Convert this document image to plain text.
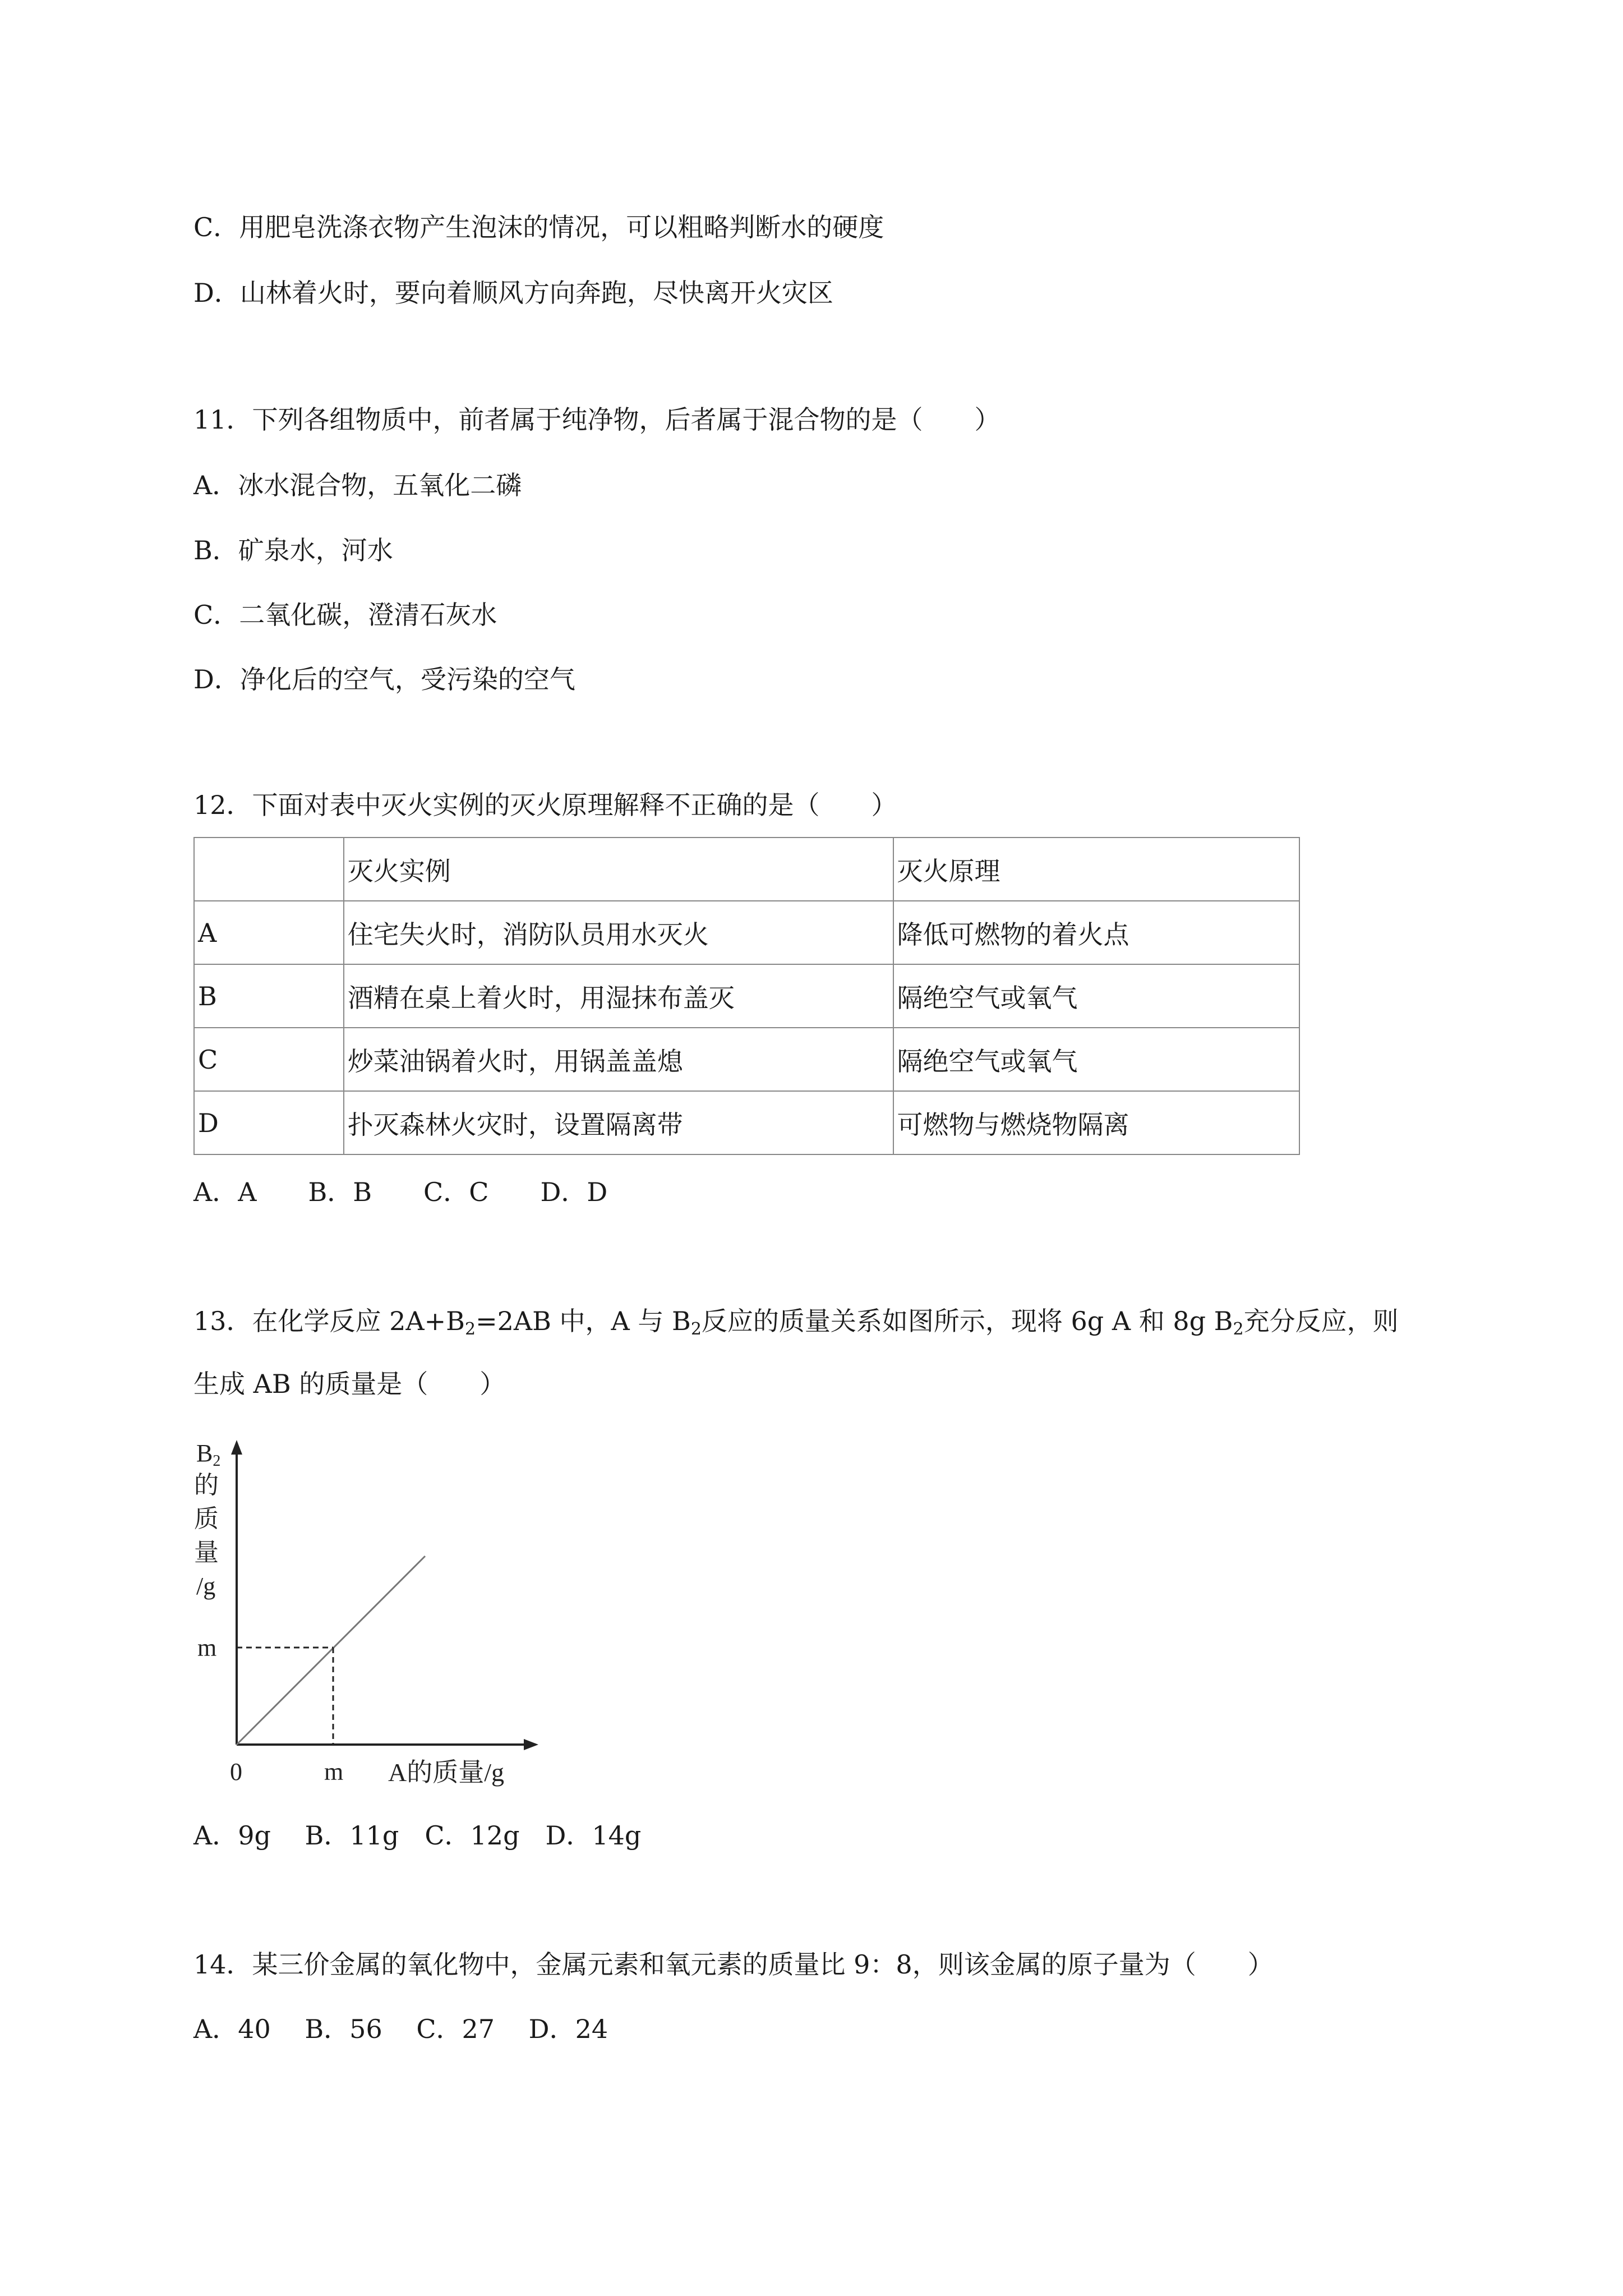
C．用肥皂洗涤衣物产生泡沫的情况，可以粗略判断水的硬度
D．山林着火时，要向着顺风方向奔跑，尽快离开火灾区
11．下列各组物质中，前者属于纯净物，后者属于混合物的是（　　）
A．冰水混合物，五氧化二磷
B．矿泉水，河水
C．二氧化碳，澄清石灰水
D．净化后的空气，受污染的空气
12．下面对表中灭火实例的灭火原理解释不正确的是（　　）
	灭火实例	灭火原理
A	住宅失火时，消防队员用水灭火	降低可燃物的着火点
B	酒精在桌上着火时，用湿抹布盖灭	隔绝空气或氧气
C	炒菜油锅着火时，用锅盖盖熄	隔绝空气或氧气
D	扑灭森林火灾时，设置隔离带	可燃物与燃烧物隔离
A．A　　B．B　　C．C　　D．D
13．在化学反应 $2A+B_2=2AB$ 中，A 与 $B_2$反应的质量关系如图所示，现将 6g A 和 8g $B_2$充分反应，则
生成 AB 的质量是（　　）
B2
的
质
量
/g
m
0	m A的质量/g
A．9g　 B．11g　C．12g　D．14g
14．某三价金属的氧化物中，金属元素和氧元素的质量比 9：8，则该金属的原子量为（　　）
A．40　 B．56　 C．27　 D．24
